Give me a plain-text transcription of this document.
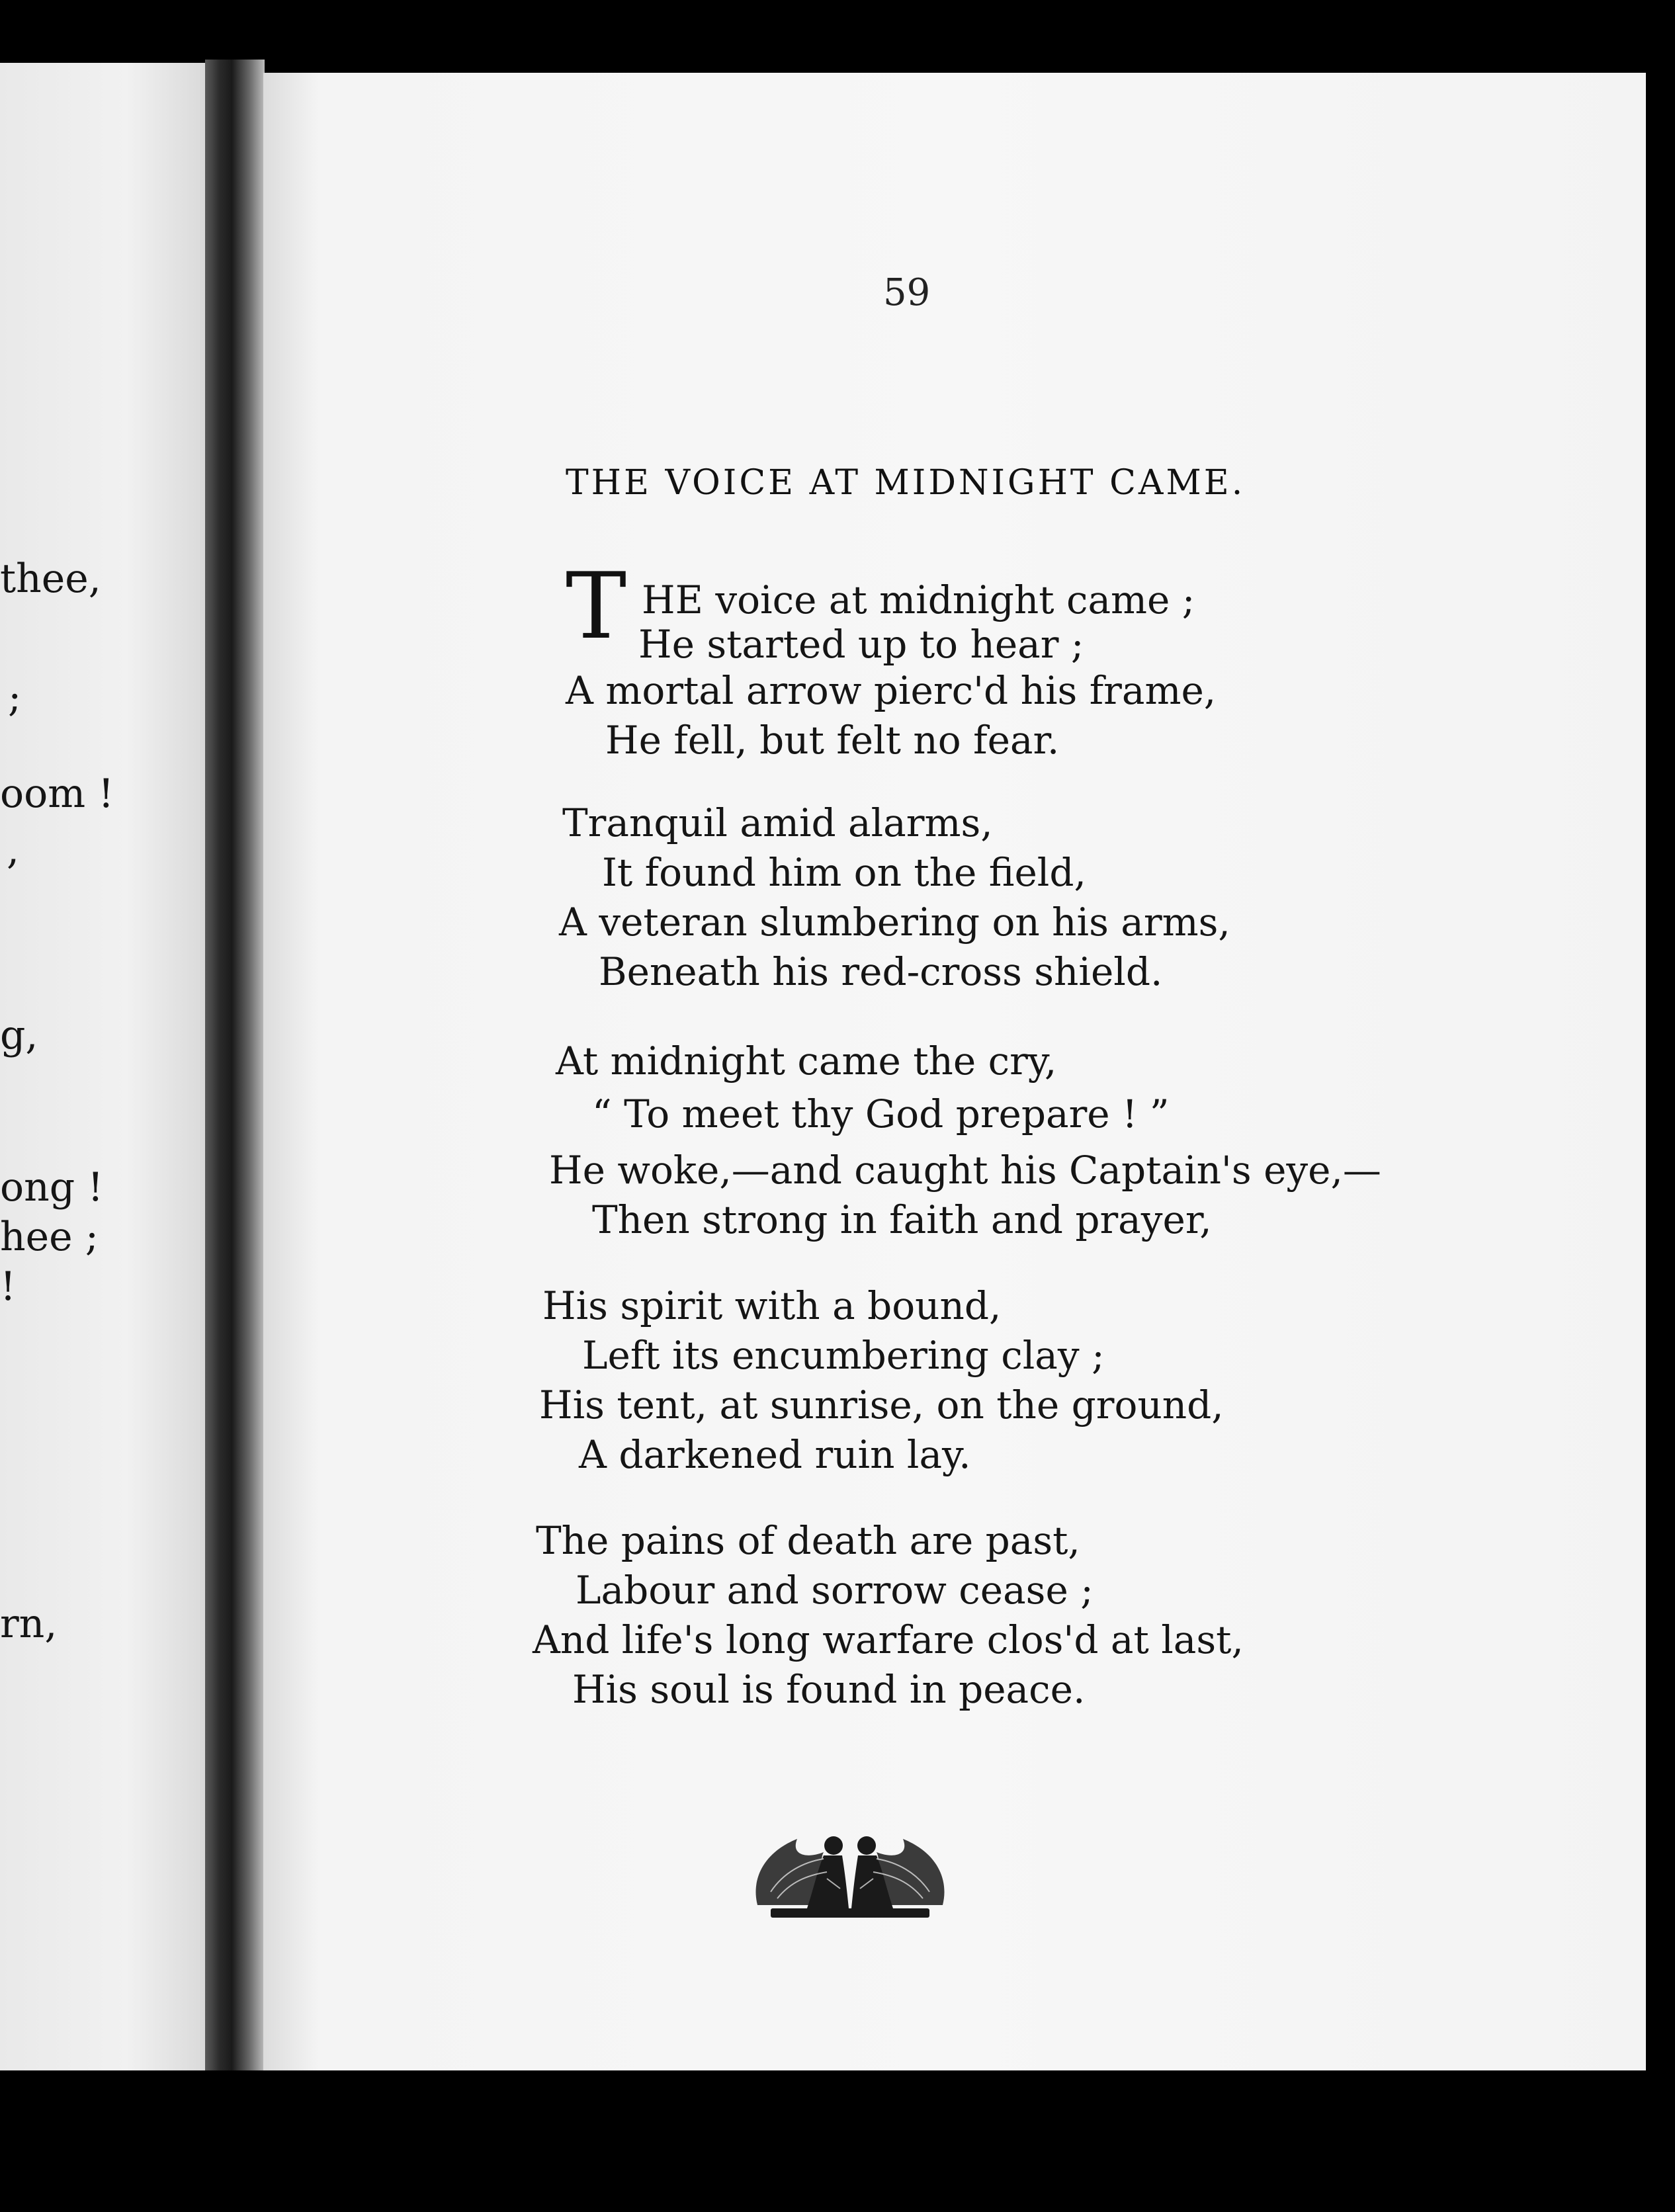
thee,
;
oom !
,
g,
ong !
hee ;
!
rn,
59
THE VOICE AT MIDNIGHT CAME.
T HE voice at midnight came ;
He started up to hear ;
A mortal arrow pierc'd his frame,
He fell, but felt no fear.
Tranquil amid alarms,
It found him on the field,
A veteran slumbering on his arms,
Beneath his red-cross shield.
At midnight came the cry,
“ To meet thy God prepare ! ”
He woke,—and caught his Captain's eye,—
Then strong in faith and prayer,
His spirit with a bound,
Left its encumbering clay ;
His tent, at sunrise, on the ground,
A darkened ruin lay.
The pains of death are past,
Labour and sorrow cease ;
And life's long warfare clos'd at last,
His soul is found in peace.
